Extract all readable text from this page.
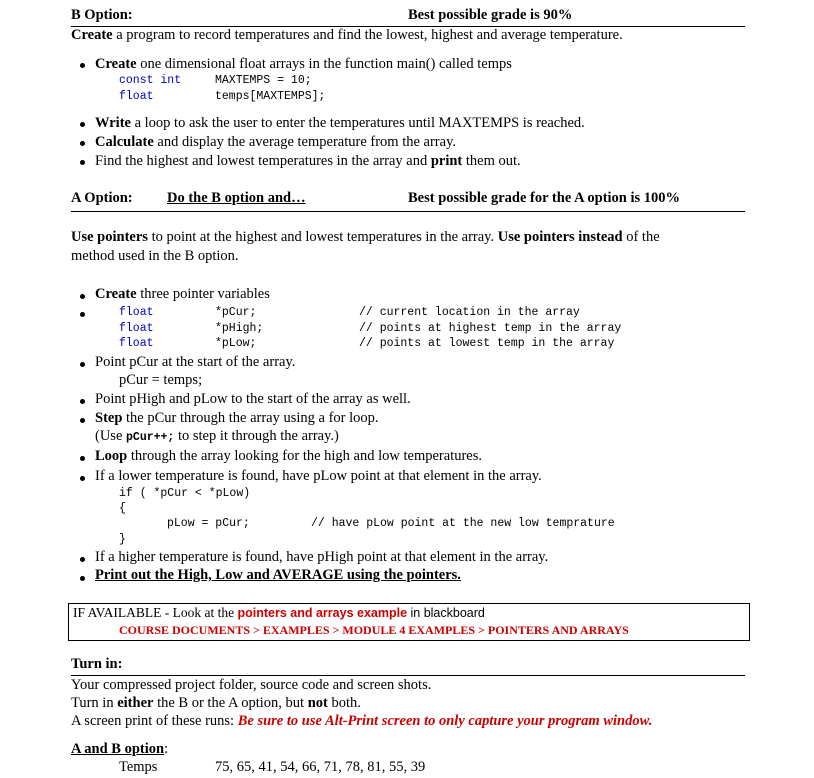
B Option:	Best possible grade is 90%
Create a program to record temperatures and find the lowest, highest and average temperature.
Create one dimensional float arrays in the function main() called temps
const int	MAXTEMPS = 10;
float	temps[MAXTEMPS];
Write a loop to ask the user to enter the temperatures until MAXTEMPS is reached.
Calculate and display the average temperature from the array.
Find the highest and lowest temperatures in the array and print them out.
A Option: Do the B option and…	Best possible grade for the A option is 100%
Use pointers to point at the highest and lowest temperatures in the array. Use pointers instead of the
method used in the B option.
Create three pointer variables
float	*pCur;	// current location in the array
float	*pHigh;	// points at highest temp in the array
float	*pLow;	// points at lowest temp in the array
Point pCur at the start of the array.
pCur = temps;
Point pHigh and pLow to the start of the array as well.
Step the pCur through the array using a for loop.
(Use pCur++; to step it through the array.)
Loop through the array looking for the high and low temperatures.
If a lower temperature is found, have pLow point at that element in the array.
if ( *pCur < *pLow)
{
pLow = pCur;	// have pLow point at the new low temprature
}
If a higher temperature is found, have pHigh point at that element in the array.
Print out the High, Low and AVERAGE using the pointers.
IF AVAILABLE - Look at the pointers and arrays example in blackboard
COURSE DOCUMENTS > EXAMPLES > MODULE 4 EXAMPLES > POINTERS AND ARRAYS
Turn in:
Your compressed project folder, source code and screen shots.
Turn in either the B or the A option, but not both.
A screen print of these runs: Be sure to use Alt-Print screen to only capture your program window.
A and B option:
Temps	75, 65, 41, 54, 66, 71, 78, 81, 55, 39
